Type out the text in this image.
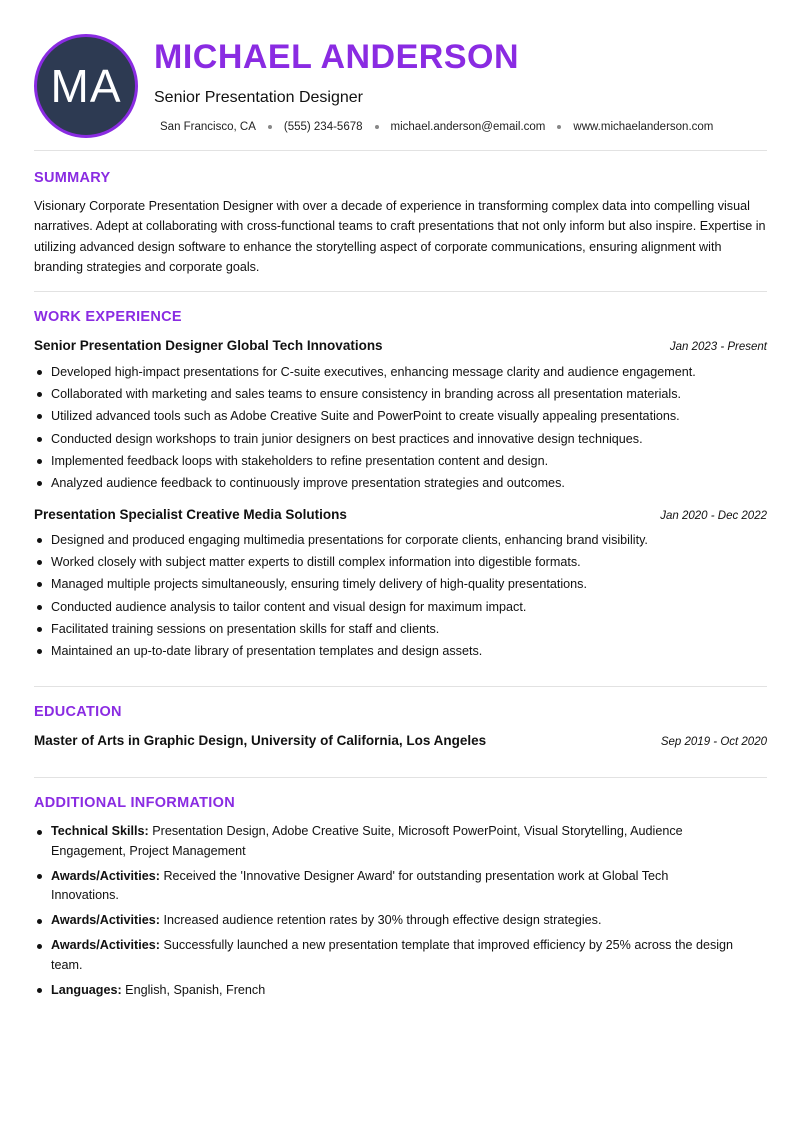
MA
MICHAEL ANDERSON
Senior Presentation Designer
San Francisco, CA (555) 234-5678 michael.anderson@email.com www.michaelanderson.com
SUMMARY
Visionary Corporate Presentation Designer with over a decade of experience in transforming complex data into compelling visual narratives. Adept at collaborating with cross-functional teams to craft presentations that not only inform but also inspire. Expertise in utilizing advanced design software to enhance the storytelling aspect of corporate communications, ensuring alignment with branding strategies and corporate goals.
WORK EXPERIENCE
Senior Presentation Designer Global Tech Innovations	Jan 2023 - Present
Developed high-impact presentations for C-suite executives, enhancing message clarity and audience engagement.
Collaborated with marketing and sales teams to ensure consistency in branding across all presentation materials.
Utilized advanced tools such as Adobe Creative Suite and PowerPoint to create visually appealing presentations.
Conducted design workshops to train junior designers on best practices and innovative design techniques.
Implemented feedback loops with stakeholders to refine presentation content and design.
Analyzed audience feedback to continuously improve presentation strategies and outcomes.
Presentation Specialist Creative Media Solutions	Jan 2020 - Dec 2022
Designed and produced engaging multimedia presentations for corporate clients, enhancing brand visibility.
Worked closely with subject matter experts to distill complex information into digestible formats.
Managed multiple projects simultaneously, ensuring timely delivery of high-quality presentations.
Conducted audience analysis to tailor content and visual design for maximum impact.
Facilitated training sessions on presentation skills for staff and clients.
Maintained an up-to-date library of presentation templates and design assets.
EDUCATION
Master of Arts in Graphic Design, University of California, Los Angeles	Sep 2019 - Oct 2020
ADDITIONAL INFORMATION
Technical Skills: Presentation Design, Adobe Creative Suite, Microsoft PowerPoint, Visual Storytelling, Audience Engagement, Project Management
Awards/Activities: Received the 'Innovative Designer Award' for outstanding presentation work at Global Tech Innovations.
Awards/Activities: Increased audience retention rates by 30% through effective design strategies.
Awards/Activities: Successfully launched a new presentation template that improved efficiency by 25% across the design team.
Languages: English, Spanish, French
